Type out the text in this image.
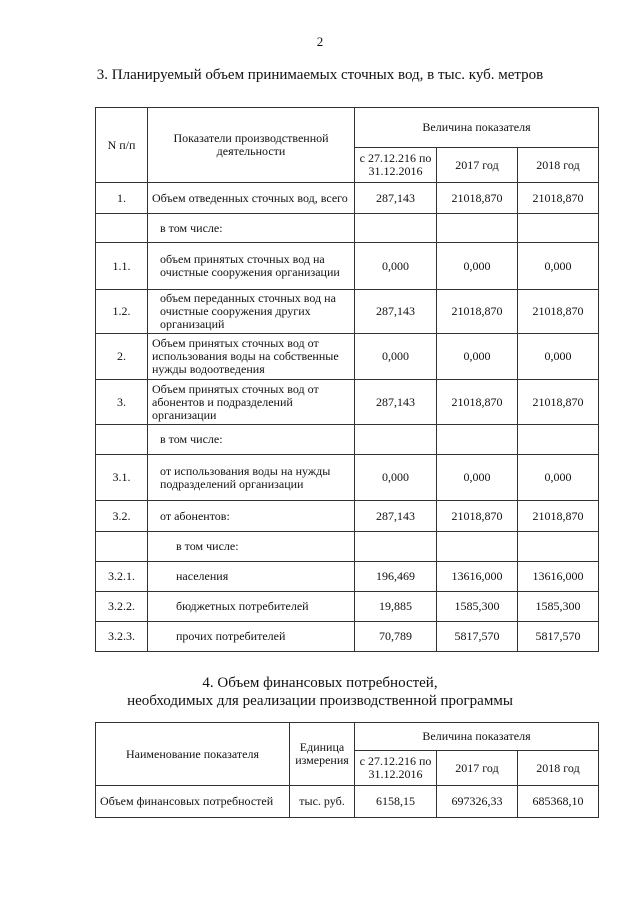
2
3. Планируемый объем принимаемых сточных вод, в тыс. куб. метров
N п/п	Показатели производственной деятельности	Величина показателя		
		с 27.12.216 по 31.12.2016	2017 год	2018 год
1.	Объем отведенных сточных вод, всего	287,143	21018,870	21018,870
	в том числе:			
1.1.	объем принятых сточных вод на очистные сооружения организации	0,000	0,000	0,000
1.2.	объем переданных сточных вод на очистные сооружения других организаций	287,143	21018,870	21018,870
2.	Объем принятых сточных вод от использования воды на собственные нужды водоотведения	0,000	0,000	0,000
3.	Объем принятых сточных вод от абонентов и подразделений организации	287,143	21018,870	21018,870
	в том числе:			
3.1.	от использования воды на нужды подразделений организации	0,000	0,000	0,000
3.2.	от абонентов:	287,143	21018,870	21018,870
	в том числе:			
3.2.1.	населения	196,469	13616,000	13616,000
3.2.2.	бюджетных потребителей	19,885	1585,300	1585,300
3.2.3.	прочих потребителей	70,789	5817,570	5817,570
4. Объем финансовых потребностей,
необходимых для реализации производственной программы
Наименование показателя	Единица измерения	Величина показателя		
		с 27.12.216 по 31.12.2016	2017 год	2018 год
Объем финансовых потребностей	тыс. руб.	6158,15	697326,33	685368,10
